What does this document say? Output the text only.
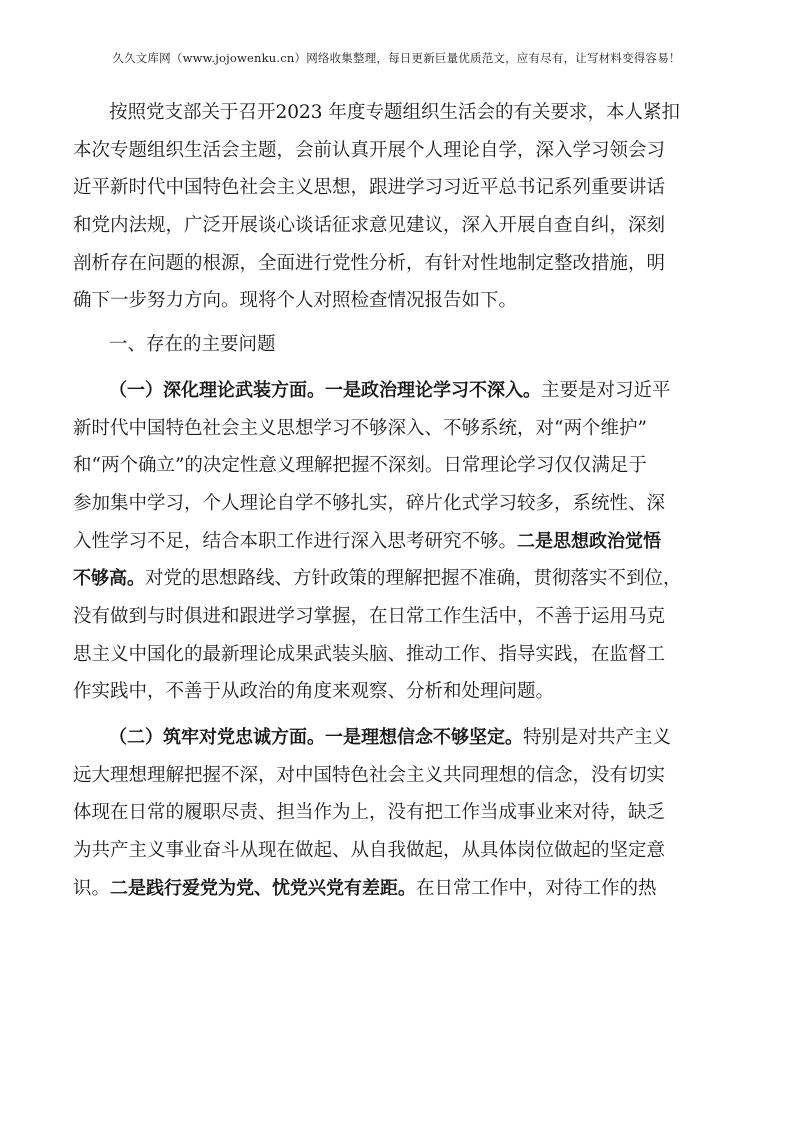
久久文库网（www.jojowenku.cn）网络收集整理，每日更新巨量优质范文，应有尽有，让写材料变得容易！
按照党支部关于召开2023 年度专题组织生活会的有关要求，本人紧扣
本次专题组织生活会主题，会前认真开展个人理论自学，深入学习领会习
近平新时代中国特色社会主义思想，跟进学习习近平总书记系列重要讲话
和党内法规，广泛开展谈心谈话征求意见建议，深入开展自查自纠，深刻
剖析存在问题的根源，全面进行党性分析，有针对性地制定整改措施，明
确下一步努力方向。现将个人对照检查情况报告如下。
一、存在的主要问题
（一）深化理论武装方面。一是政治理论学习不深入。主要是对习近平
新时代中国特色社会主义思想学习不够深入、不够系统，对“两个维护”
和“两个确立”的决定性意义理解把握不深刻。日常理论学习仅仅满足于
参加集中学习，个人理论自学不够扎实，碎片化式学习较多，系统性、深
入性学习不足，结合本职工作进行深入思考研究不够。二是思想政治觉悟
不够高。对党的思想路线、方针政策的理解把握不准确，贯彻落实不到位，
没有做到与时俱进和跟进学习掌握，在日常工作生活中，不善于运用马克
思主义中国化的最新理论成果武装头脑、推动工作、指导实践，在监督工
作实践中，不善于从政治的角度来观察、分析和处理问题。
（二）筑牢对党忠诚方面。一是理想信念不够坚定。特别是对共产主义
远大理想理解把握不深，对中国特色社会主义共同理想的信念，没有切实
体现在日常的履职尽责、担当作为上，没有把工作当成事业来对待，缺乏
为共产主义事业奋斗从现在做起、从自我做起，从具体岗位做起的坚定意
识。二是践行爱党为党、忧党兴党有差距。在日常工作中，对待工作的热
